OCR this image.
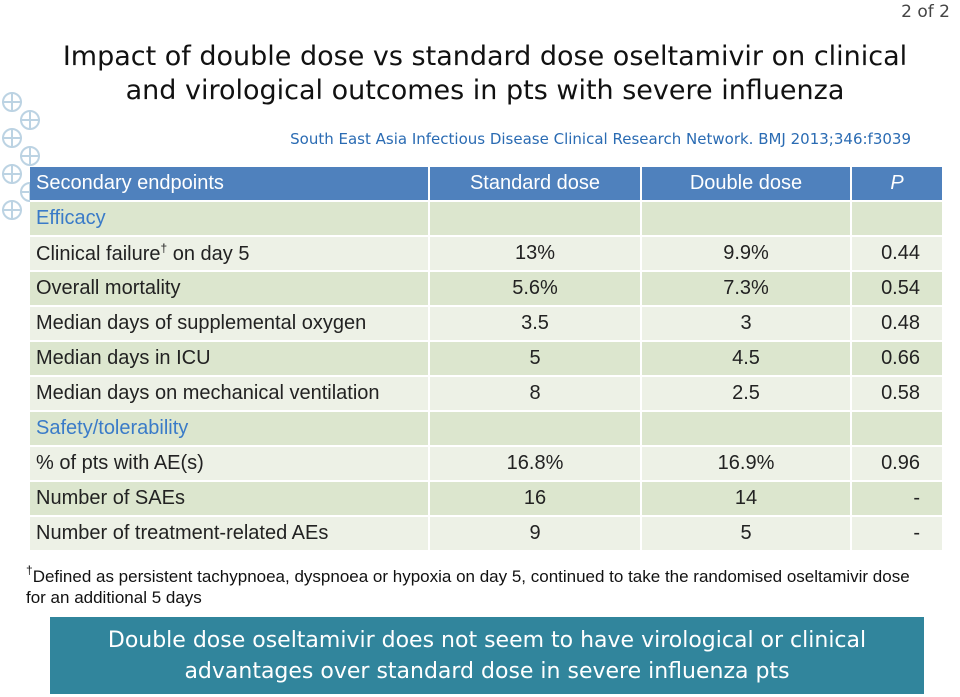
2 of 2
Impact of double dose vs standard dose oseltamivir on clinical
and virological outcomes in pts with severe influenza
South East Asia Infectious Disease Clinical Research Network. BMJ 2013;346:f3039
Secondary endpoints	Standard dose	Double dose	P
Efficacy			
Clinical failure† on day 5	13%	9.9%	0.44
Overall mortality	5.6%	7.3%	0.54
Median days of supplemental oxygen	3.5	3	0.48
Median days in ICU	5	4.5	0.66
Median days on mechanical ventilation	8	2.5	0.58
Safety/tolerability			
% of pts with AE(s)	16.8%	16.9%	0.96
Number of SAEs	16	14	-
Number of treatment-related AEs	9	5	-
†Defined as persistent tachypnoea, dyspnoea or hypoxia on day 5, continued to take the randomised oseltamivir dose for an additional 5 days
Double dose oseltamivir does not seem to have virological or clinical
advantages over standard dose in severe influenza pts
